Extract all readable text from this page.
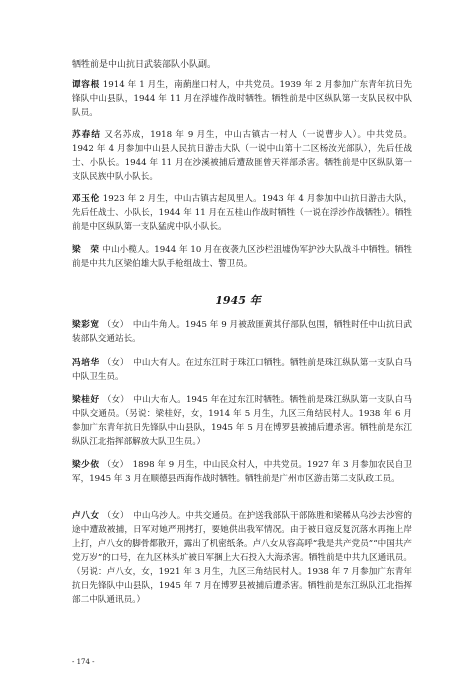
牺牲前是中山抗日武装部队小队副。

谭容根 1914 年 1 月生，南蓢崖口村人，中共党员。1939 年 2 月参加广东青年抗日先锋队中山县队，1944 年 11 月在浮墟作战时牺牲。牺牲前是中区纵队第一支队民权中队队员。

苏春结 又名苏成，1918 年 9 月生，中山古镇古一村人（一说曹步人）。中共党员。1942 年 4 月参加中山县人民抗日游击大队（一说中山第十二区杨汝光部队），先后任战士、小队长。1944 年 11 月在沙溪被捕后遭敌匪曾天祥部杀害。牺牲前是中区纵队第一支队民族中队小队长。

邓玉伦 1923 年 2 月生，中山古镇古起凤里人。1943 年 4 月参加中山抗日游击大队，先后任战士、小队长，1944 年 11 月在五桂山作战时牺牲（一说在浮沙作战牺牲）。牺牲前是中区纵队第一支队猛虎中队小队长。

梁　荣 中山小榄人。1944 年 10 月在夜袭九区沙栏沮墟伪军护沙大队战斗中牺牲。牺牲前是中共九区梁伯雄大队手枪组战士、警卫员。

1945 年

梁彩宽 （女）　中山牛角人。1945 年 9 月被敌匪黄其仔部队包围，牺牲时任中山抗日武装部队交通站长。

冯培华 （女）　中山大有人。在过东江时于珠江口牺牲。牺牲前是珠江纵队第一支队白马中队卫生员。

梁桂好 （女）　中山大布人。1945 年在过东江时牺牲。牺牲前是珠江纵队第一支队白马中队交通员。（另说：梁桂好，女，1914 年 5 月生，九区三角结民村人。1938 年 6 月参加广东青年抗日先锋队中山县队，1945 年 5 月在博罗县被捕后遭杀害。牺牲前是东江纵队江北指挥部解放大队卫生员。）

梁少依 （女）　1898 年 9 月生，中山民众村人，中共党员。1927 年 3 月参加农民自卫军，1945 年 3 月在顺德县西海作战时牺牲。牺牲前是广州市区游击第二支队政工员。

卢八女 （女）　中山乌沙人。中共交通员。在护送我部队干部陈胜和梁稀从乌沙去沙窖的途中遭敌被捕，日军对她严刑拷打，要她供出我军情况。由于被日寇反复沉落水再拖上岸上打，卢八女的脚骨都散开，露出了机密纸条。卢八女从容高呼“我是共产党员”“中国共产党万岁”的口号，在九区林头圹被日军捆上大石投入大海杀害。牺牲前是中共九区通讯员。（另说：卢八女，女，1921 年 3 月生，九区三角结民村人。1938 年 7 月参加广东青年抗日先锋队中山县队，1945 年 7 月在博罗县被捕后遭杀害。牺牲前是东江纵队江北指挥部二中队通讯员。）

- 174 -
